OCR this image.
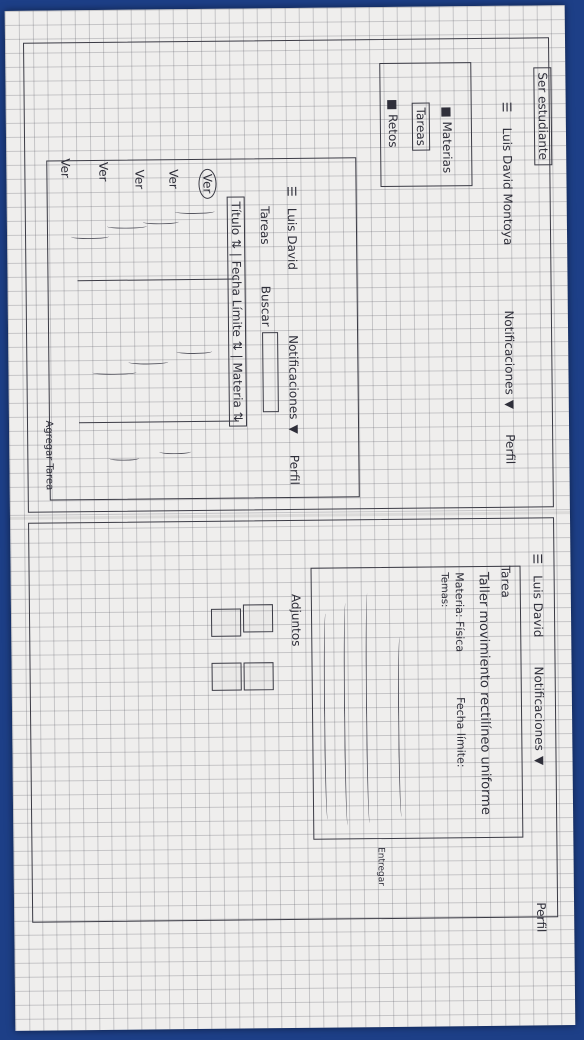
Ser estudiante
☰ Luis David Montoya Notificaciones ▼ Perfil
■ Materias
Tareas
■ Retos
☰ Luis David Notificaciones ▼ Perfil
Tareas Buscar
Título ⇅ | Fecha Límite ⇅ | Materia ⇅
Ver
Ver
Ver
Ver
Ver
Agregar Tarea
☰ Luis David Notificaciones ▼ Perfil
Tarea
Taller movimiento rectilíneo uniforme
Materia: Física Fecha límite:
Temas:
Entregar
Adjuntos
